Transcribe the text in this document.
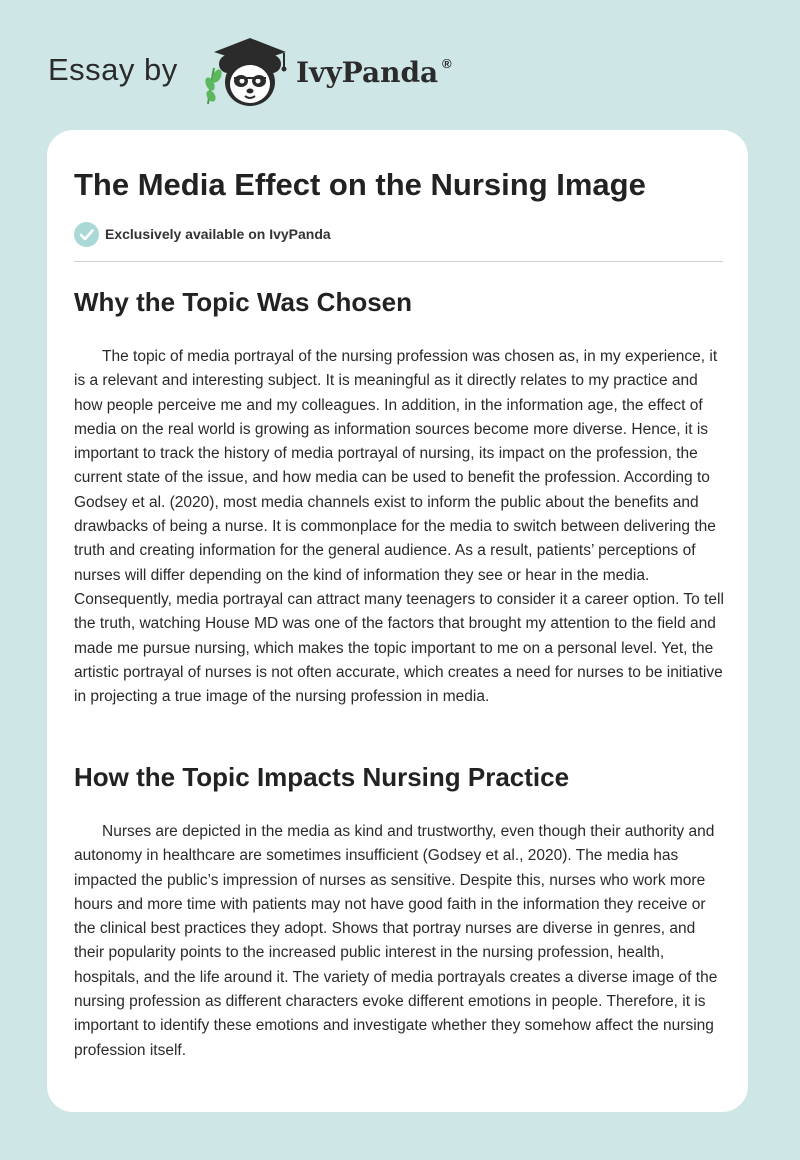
Essay by	IvyPanda ®
The Media Effect on the Nursing Image
Exclusively available on IvyPanda
Why the Topic Was Chosen

The topic of media portrayal of the nursing profession was chosen as, in my experience, it is a relevant and interesting subject. It is meaningful as it directly relates to my practice and how people perceive me and my colleagues. In addition, in the information age, the effect of media on the real world is growing as information sources become more diverse. Hence, it is important to track the history of media portrayal of nursing, its impact on the profession, the current state of the issue, and how media can be used to benefit the profession. According to Godsey et al. (2020), most media channels exist to inform the public about the benefits and drawbacks of being a nurse. It is commonplace for the media to switch between delivering the truth and creating information for the general audience. As a result, patients’ perceptions of nurses will differ depending on the kind of information they see or hear in the media. Consequently, media portrayal can attract many teenagers to consider it a career option. To tell the truth, watching House MD was one of the factors that brought my attention to the field and made me pursue nursing, which makes the topic important to me on a personal level. Yet, the artistic portrayal of nurses is not often accurate, which creates a need for nurses to be initiative in projecting a true image of the nursing profession in media.

How the Topic Impacts Nursing Practice

Nurses are depicted in the media as kind and trustworthy, even though their authority and autonomy in healthcare are sometimes insufficient (Godsey et al., 2020). The media has impacted the public’s impression of nurses as sensitive. Despite this, nurses who work more hours and more time with patients may not have good faith in the information they receive or the clinical best practices they adopt. Shows that portray nurses are diverse in genres, and their popularity points to the increased public interest in the nursing profession, health, hospitals, and the life around it. The variety of media portrayals creates a diverse image of the nursing profession as different characters evoke different emotions in people. Therefore, it is important to identify these emotions and investigate whether they somehow affect the nursing profession itself.
